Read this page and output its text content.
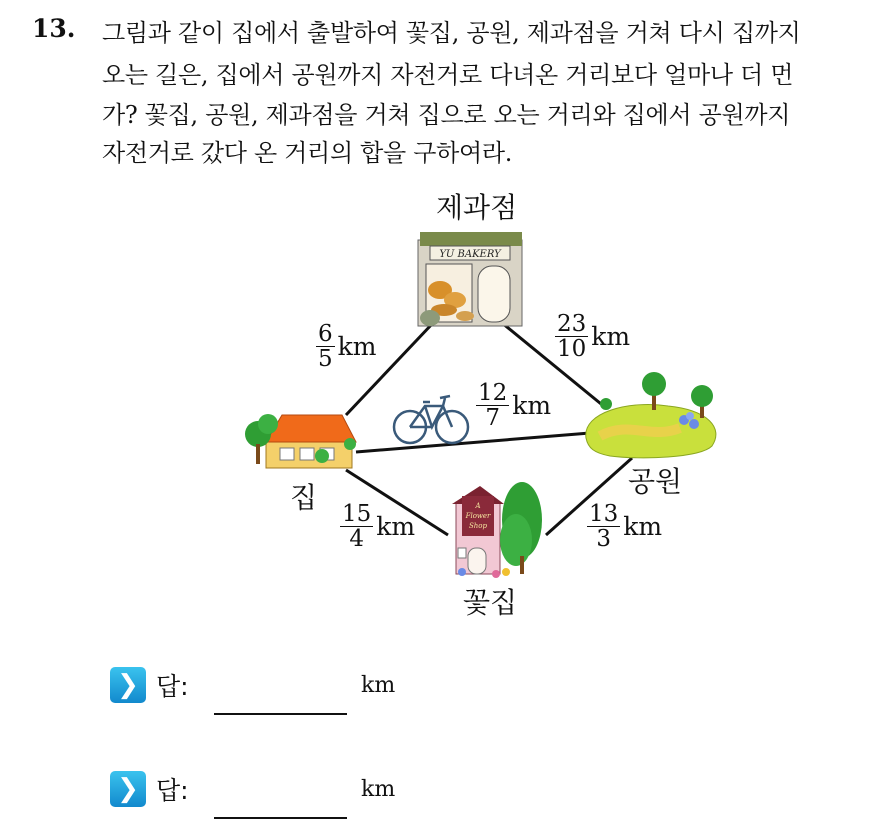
13. 그림과 같이 집에서 출발하여 꽃집, 공원, 제과점을 거쳐 다시 집까지
오는 길은, 집에서 공원까지 자전거로 다녀온 거리보다 얼마나 더 먼
가? 꽃집, 공원, 제과점을 거쳐 집으로 오는 거리와 집에서 공원까지
자전거로 갔다 온 거리의 합을 구하여라.
YU BAKERY
A
Flower
Shop
제과점
집	공원
꽃집
$\frac{6}{5}$ km	$\frac{23}{10}$ km
$\frac{12}{7}$ km
$\frac{15}{4}$ km	$\frac{13}{3}$ km
❯ 답:	km
❯ 답:	km
